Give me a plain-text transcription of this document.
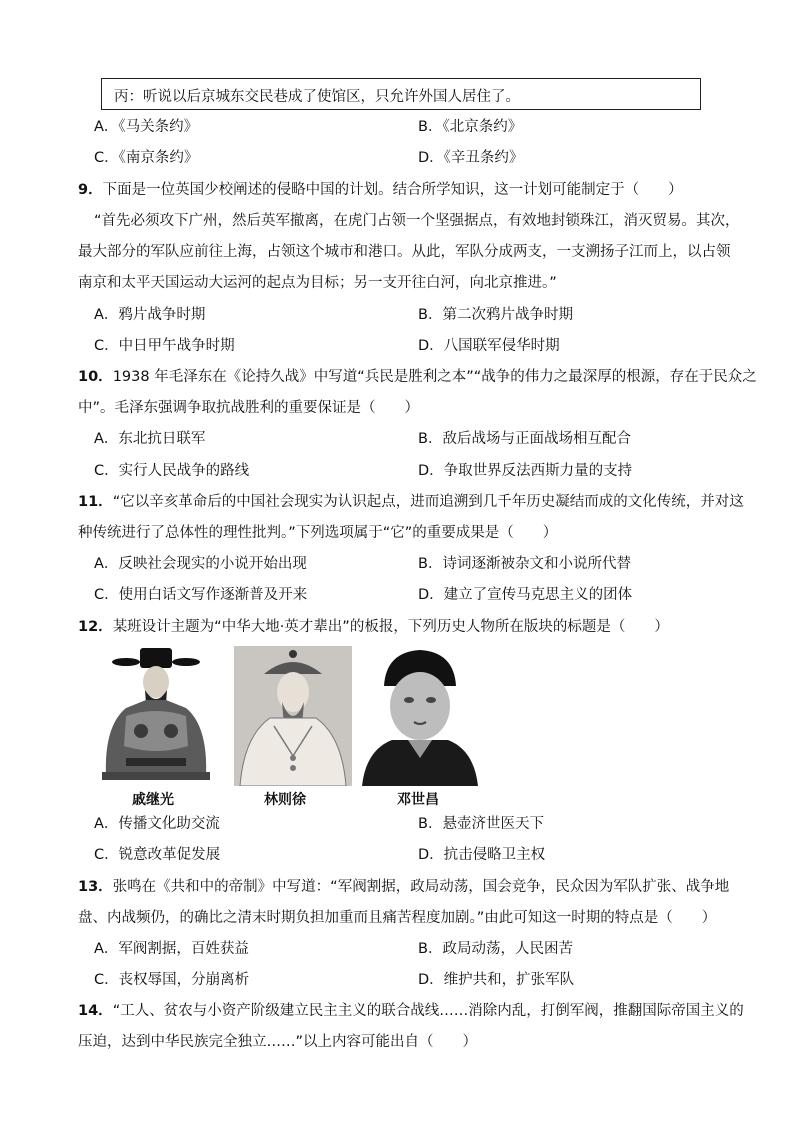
丙：听说以后京城东交民巷成了使馆区，只允许外国人居住了。
A．《马关条约》	B．《北京条约》
C．《南京条约》	D．《辛丑条约》
9．下面是一位英国少校阐述的侵略中国的计划。结合所学知识，这一计划可能制定于（　　）
“首先必须攻下广州，然后英军撤离，在虎门占领一个坚强据点，有效地封锁珠江，消灭贸易。其次，
最大部分的军队应前往上海，占领这个城市和港口。从此，军队分成两支，一支溯扬子江而上，以占领
南京和太平天国运动大运河的起点为目标；另一支开往白河，向北京推进。”
A．鸦片战争时期	B．第二次鸦片战争时期
C．中日甲午战争时期	D．八国联军侵华时期
10．1938 年毛泽东在《论持久战》中写道“兵民是胜利之本”“战争的伟力之最深厚的根源，存在于民众之
中”。毛泽东强调争取抗战胜利的重要保证是（　　）
A．东北抗日联军	B．敌后战场与正面战场相互配合
C．实行人民战争的路线	D．争取世界反法西斯力量的支持
11．“它以辛亥革命后的中国社会现实为认识起点，进而追溯到几千年历史凝结而成的文化传统，并对这
种传统进行了总体性的理性批判。”下列选项属于“它”的重要成果是（　　）
A．反映社会现实的小说开始出现	B．诗词逐渐被杂文和小说所代替
C．使用白话文写作逐渐普及开来	D．建立了宣传马克思主义的团体
12．某班设计主题为“中华大地·英才辈出”的板报，下列历史人物所在版块的标题是（　　）
戚继光	林则徐	邓世昌
A．传播文化助交流	B．悬壶济世医天下
C．锐意改革促发展	D．抗击侵略卫主权
13．张鸣在《共和中的帝制》中写道：“军阀割据，政局动荡，国会竞争，民众因为军队扩张、战争地
盘、内战频仍，的确比之清末时期负担加重而且痛苦程度加剧。”由此可知这一时期的特点是（　　）
A．军阀割据，百姓获益	B．政局动荡，人民困苦
C．丧权辱国，分崩离析	D．维护共和，扩张军队
14．“工人、贫农与小资产阶级建立民主主义的联合战线……消除内乱，打倒军阀，推翻国际帝国主义的
压迫，达到中华民族完全独立……”以上内容可能出自（　　）
